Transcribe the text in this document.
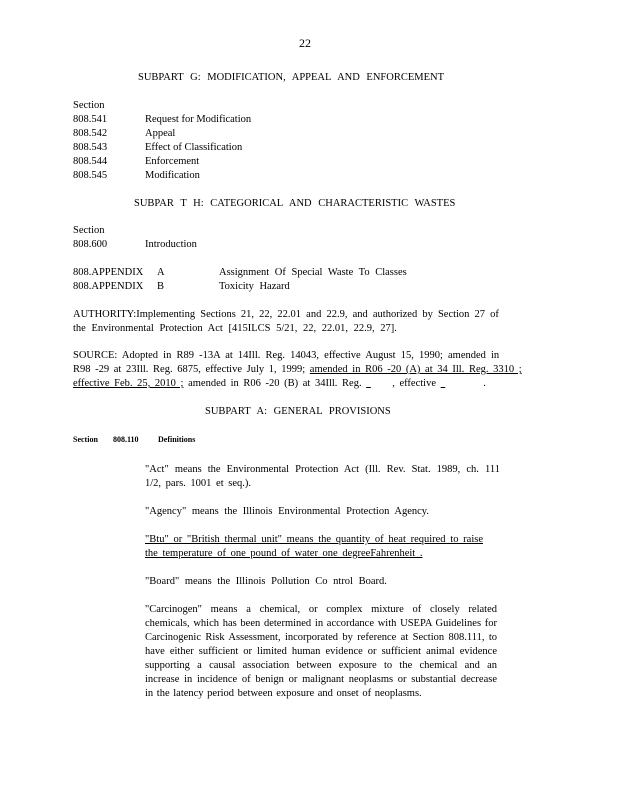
22
SUBPART G: MODIFICATION, APPEAL AND ENFORCEMENT
Section
808.541	Request for Modification
808.542	Appeal
808.543	Effect of Classification
808.544	Enforcement
808.545	Modification
SUBPAR T H: CATEGORICAL AND CHARACTERISTIC WASTES
Section
808.600	Introduction
808.APPENDIX A	Assignment Of Special Waste To Classes
808.APPENDIX B	Toxicity Hazard
AUTHORITY:Implementing Sections 21, 22, 22.01 and 22.9, and authorized by Section 27 of
the Environmental Protection Act [415ILCS 5/21, 22, 22.01, 22.9, 27].
SOURCE: Adopted in R89 -13A at 14Ill. Reg. 14043, effective August 15, 1990; amended in
R98 -29 at 23Ill. Reg. 6875, effective July 1, 1999; amended in R06 -20 (A) at 34 Ill. Reg. 3310 ;
effective Feb. 25, 2010 ; amended in R06 -20 (B) at 34Ill. Reg.	, effective	.
SUBPART A: GENERAL PROVISIONS
Section 808.110 Definitions

"Act" means the Environmental Protection Act (Ill. Rev. Stat. 1989, ch. 111 1/2, pars. 1001 et seq.).

"Agency" means the Illinois Environmental Protection Agency.

"Btu" or "British thermal unit" means the quantity of heat required to raise the temperature of one pound of water one degreeFahrenheit .

"Board" means the Illinois Pollution Co ntrol Board.

"Carcinogen" means a chemical, or complex mixture of closely related chemicals, which has been determined in accordance with USEPA Guidelines for Carcinogenic Risk Assessment, incorporated by reference at Section 808.111, to have either sufficient or limited human evidence or sufficient animal evidence supporting a causal association between exposure to the chemical and an increase in incidence of benign or malignant neoplasms or substantial decrease in the latency period between exposure and onset of neoplasms.
